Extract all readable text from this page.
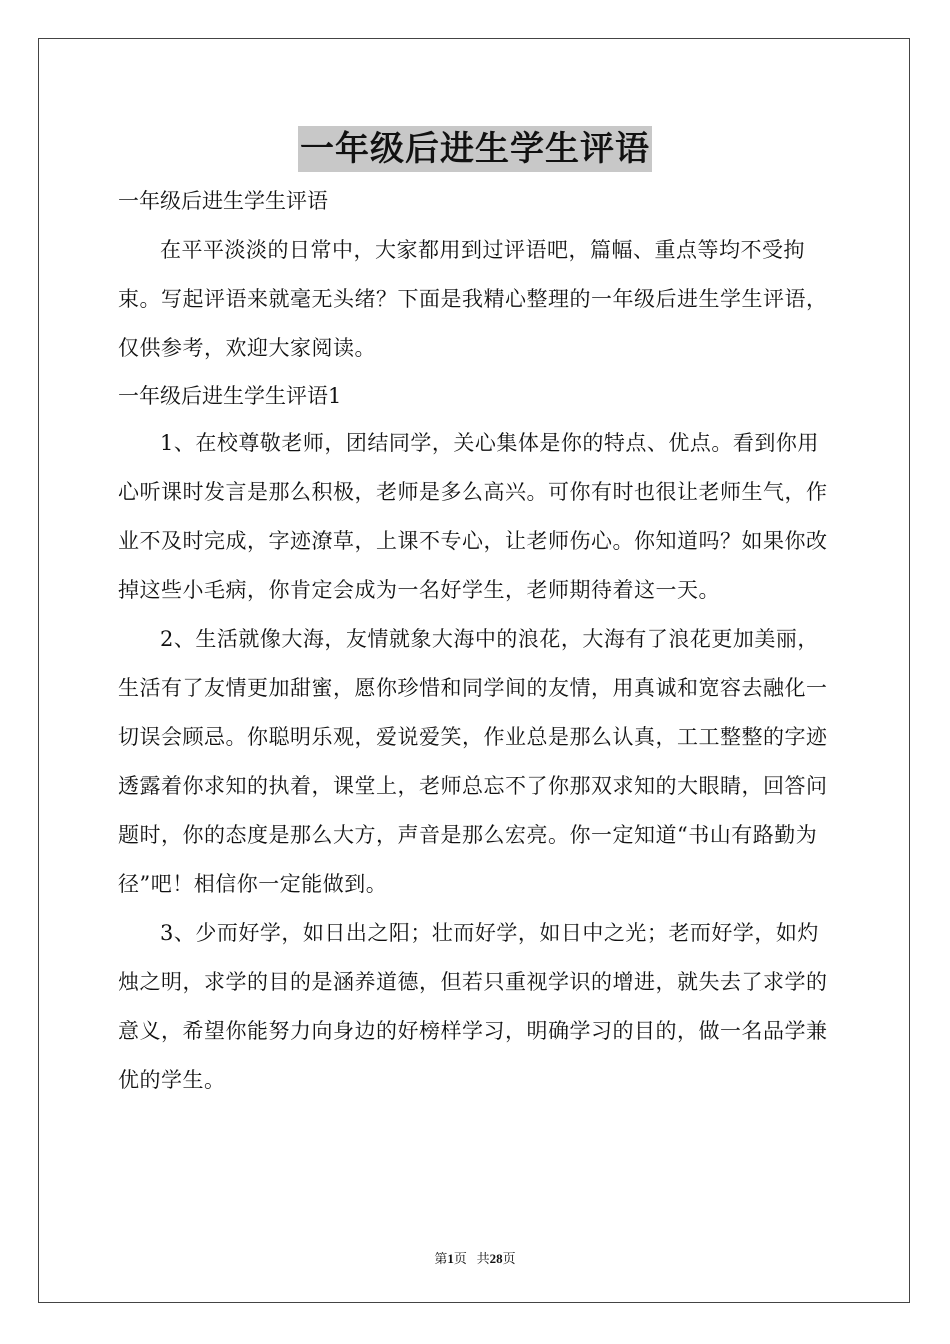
一年级后进生学生评语

一年级后进生学生评语

在平平淡淡的日常中，大家都用到过评语吧，篇幅、重点等均不受拘束。写起评语来就毫无头绪？下面是我精心整理的一年级后进生学生评语，仅供参考，欢迎大家阅读。

一年级后进生学生评语1

1、在校尊敬老师，团结同学，关心集体是你的特点、优点。看到你用心听课时发言是那么积极，老师是多么高兴。可你有时也很让老师生气，作业不及时完成，字迹潦草，上课不专心，让老师伤心。你知道吗？如果你改掉这些小毛病，你肯定会成为一名好学生，老师期待着这一天。

2、生活就像大海，友情就象大海中的浪花，大海有了浪花更加美丽，生活有了友情更加甜蜜，愿你珍惜和同学间的友情，用真诚和宽容去融化一切误会顾忌。你聪明乐观，爱说爱笑，作业总是那么认真，工工整整的字迹透露着你求知的执着，课堂上，老师总忘不了你那双求知的大眼睛，回答问题时，你的态度是那么大方，声音是那么宏亮。你一定知道“书山有路勤为径”吧！相信你一定能做到。

3、少而好学，如日出之阳；壮而好学，如日中之光；老而好学，如灼烛之明，求学的目的是涵养道德，但若只重视学识的增进，就失去了求学的意义，希望你能努力向身边的好榜样学习，明确学习的目的，做一名品学兼优的学生。

第1页 共28页
